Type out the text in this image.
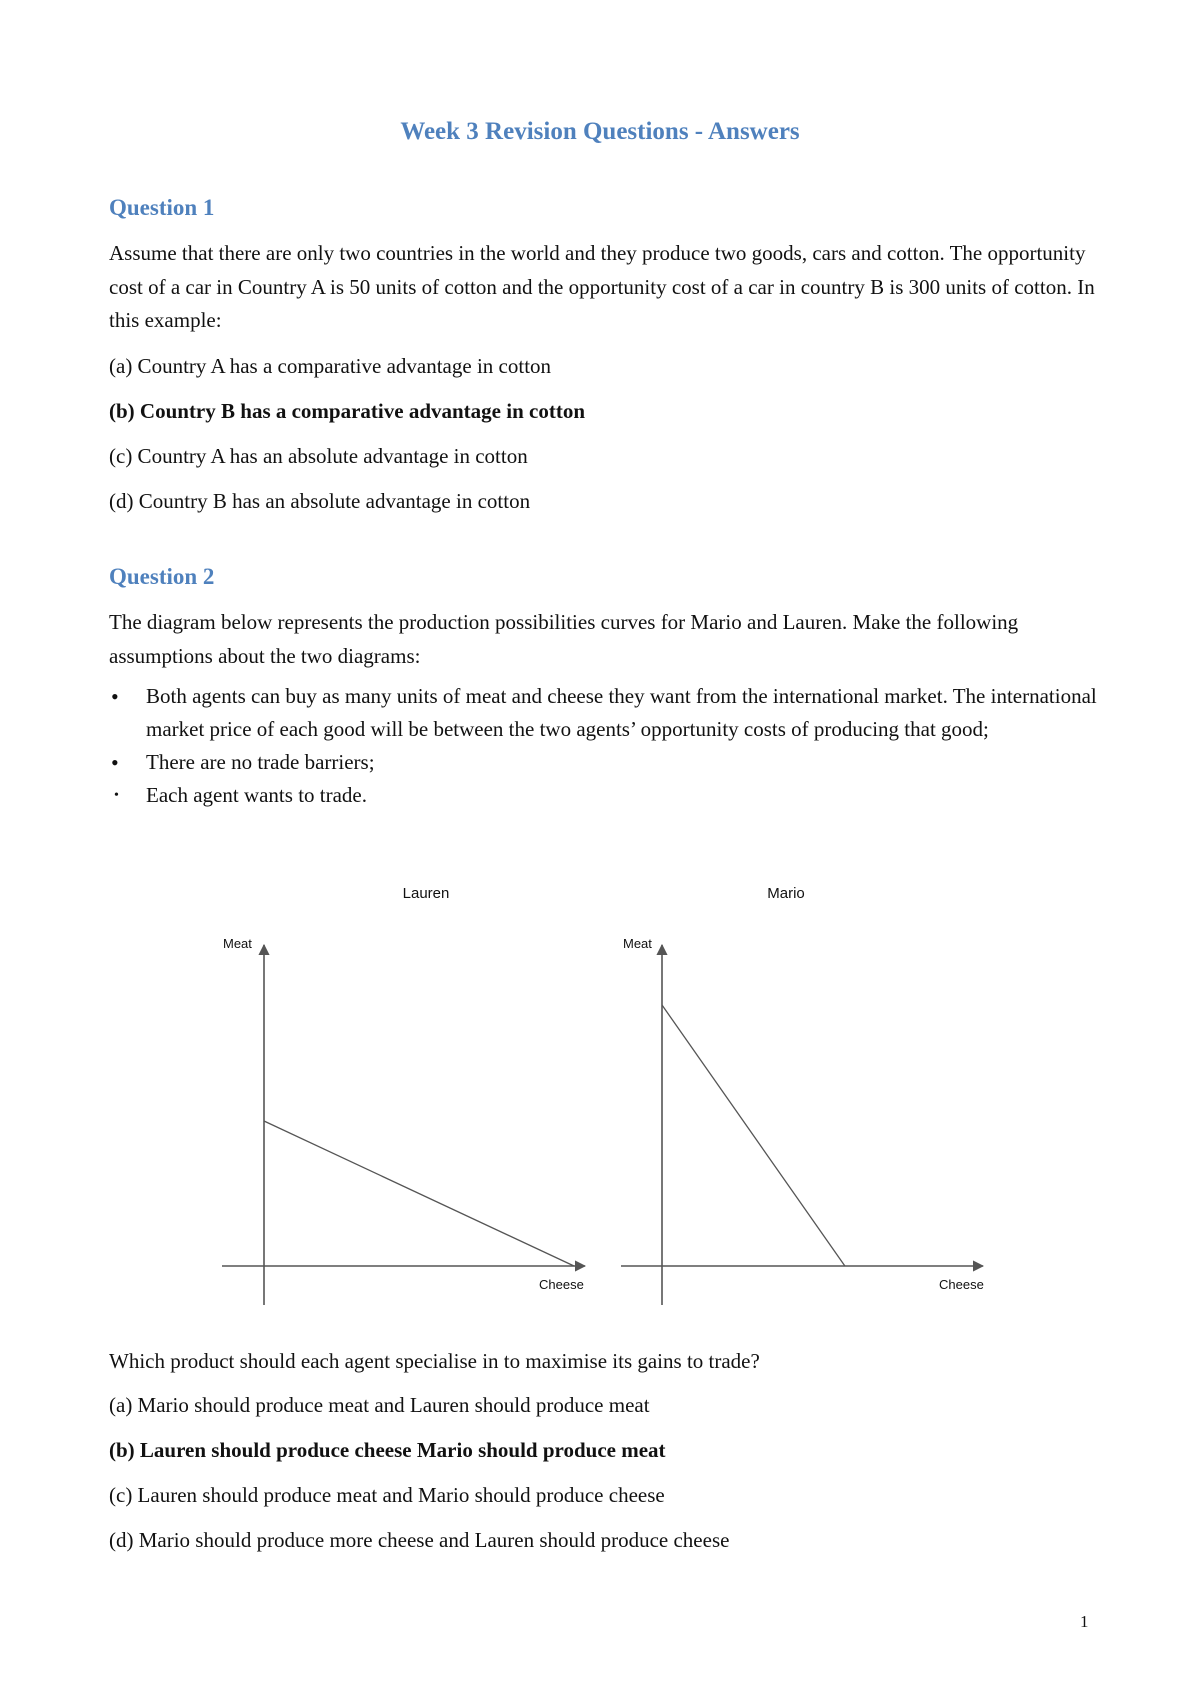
Week 3 Revision Questions - Answers
Question 1

Assume that there are only two countries in the world and they produce two goods, cars and cotton. The opportunity cost of a car in Country A is 50 units of cotton and the opportunity cost of a car in country B is 300 units of cotton. In this example:

(a) Country A has a comparative advantage in cotton

(b) Country B has a comparative advantage in cotton

(c) Country A has an absolute advantage in cotton

(d) Country B has an absolute advantage in cotton

Question 2

The diagram below represents the production possibilities curves for Mario and Lauren. Make the following assumptions about the two diagrams:

• Both agents can buy as many units of meat and cheese they want from the international market. The international market price of each good will be between the two agents’ opportunity costs of producing that good;
• There are no trade barriers;
• Each agent wants to trade.
Lauren
Meat
Cheese
Mario
Meat
Cheese

Which product should each agent specialise in to maximise its gains to trade?

(a) Mario should produce meat and Lauren should produce meat

(b) Lauren should produce cheese Mario should produce meat

(c) Lauren should produce meat and Mario should produce cheese

(d) Mario should produce more cheese and Lauren should produce cheese

1
